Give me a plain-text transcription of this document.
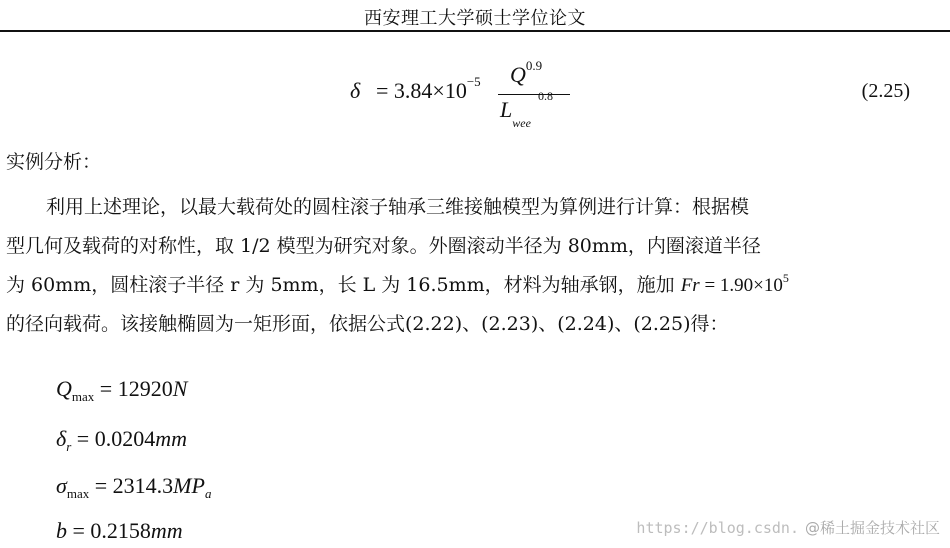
西安理工大学硕士学位论文
$\delta = 3.84\times 10^{-5}$ $Q^{0.9}$
$L_{wee}$
0.8	(2.25)
实例分析：
利用上述理论，以最大载荷处的圆柱滚子轴承三维接触模型为算例进行计算：根据模
型几何及载荷的对称性，取 1/2 模型为研究对象。外圈滚动半径为 80mm，内圈滚道半径
为 60mm，圆柱滚子半径 r 为 5mm，长 L 为 16.5mm，材料为轴承钢，施加 $Fr = 1.90\times 10^5$
的径向载荷。该接触椭圆为一矩形面，依据公式(2.22)、(2.23)、(2.24)、(2.25)得：
$Q_{max} = 12920N$
$\delta_r = 0.0204mm$
$\sigma_{max} = 2314.3MP_a$
b = 0.2158mm	https://blog.csdn. @稀土掘金技术社区
